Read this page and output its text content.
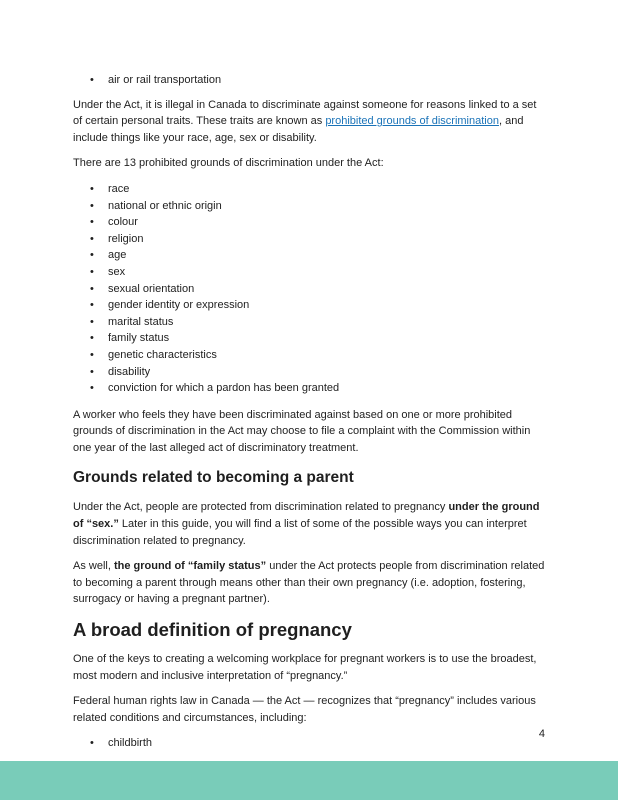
• air or rail transportation

Under the Act, it is illegal in Canada to discriminate against someone for reasons linked to a set of certain personal traits. These traits are known as prohibited grounds of discrimination, and include things like your race, age, sex or disability.

There are 13 prohibited grounds of discrimination under the Act:

• race
• national or ethnic origin
• colour
• religion
• age
• sex
• sexual orientation
• gender identity or expression
• marital status
• family status
• genetic characteristics
• disability
• conviction for which a pardon has been granted

A worker who feels they have been discriminated against based on one or more prohibited grounds of discrimination in the Act may choose to file a complaint with the Commission within one year of the last alleged act of discriminatory treatment.

Grounds related to becoming a parent

Under the Act, people are protected from discrimination related to pregnancy under the ground of “sex.” Later in this guide, you will find a list of some of the possible ways you can interpret discrimination related to pregnancy.

As well, the ground of “family status” under the Act protects people from discrimination related to becoming a parent through means other than their own pregnancy (i.e. adoption, fostering, surrogacy or having a pregnant partner).

A broad definition of pregnancy

One of the keys to creating a welcoming workplace for pregnant workers is to use the broadest, most modern and inclusive interpretation of “pregnancy.”

Federal human rights law in Canada — the Act — recognizes that “pregnancy” includes various related conditions and circumstances, including:

• childbirth
4
